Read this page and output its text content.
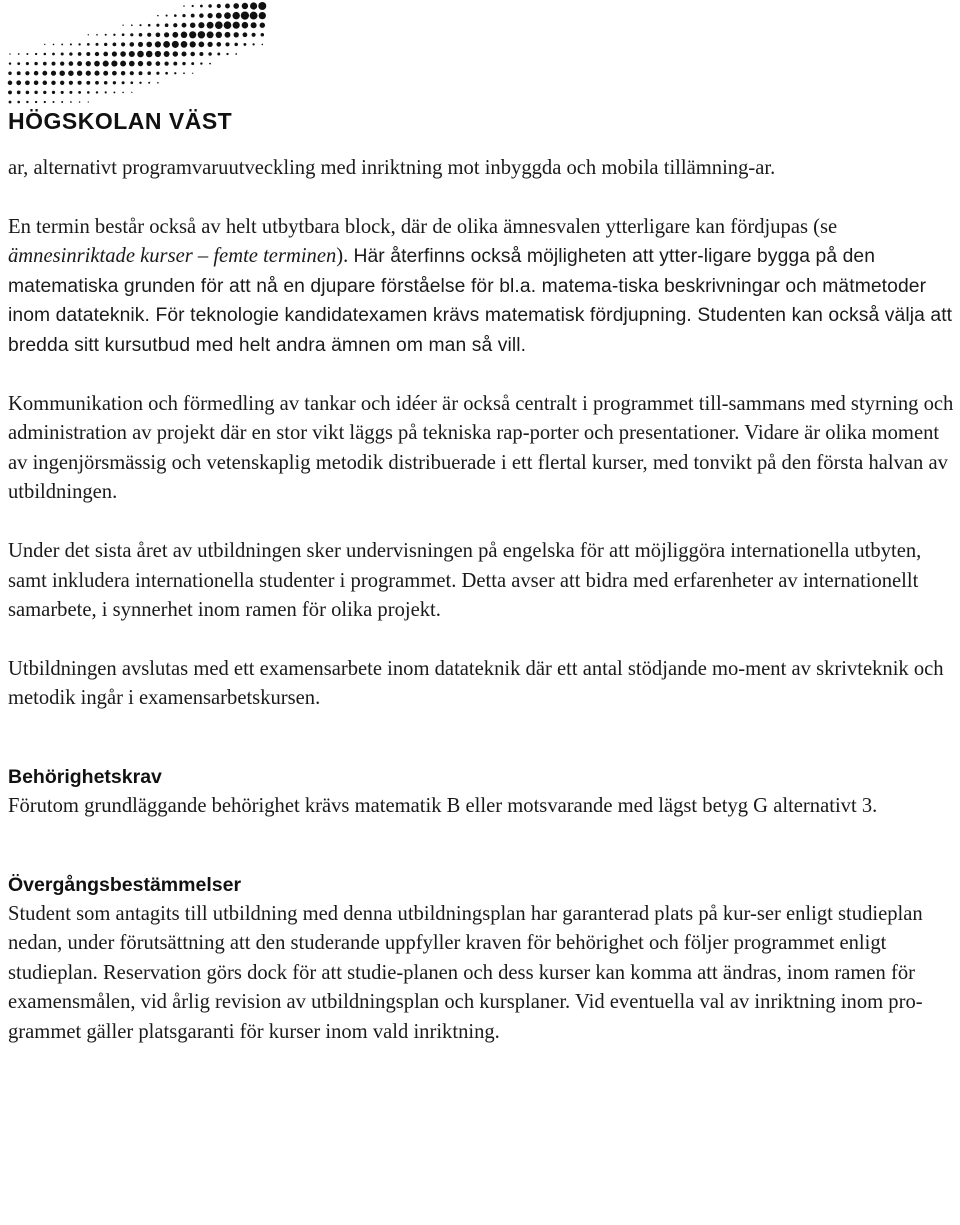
HÖGSKOLAN VÄST

ar, alternativt programvaruutveckling med inriktning mot inbyggda och mobila tillämning-ar.

En termin består också av helt utbytbara block, där de olika ämnesvalen ytterligare kan fördjupas (se ämnesinriktade kurser – femte terminen). Här återfinns också möjligheten att ytter-ligare bygga på den matematiska grunden för att nå en djupare förståelse för bl.a. matema-tiska beskrivningar och mätmetoder inom datateknik. För teknologie kandidatexamen krävs matematisk fördjupning. Studenten kan också välja att bredda sitt kursutbud med helt andra ämnen om man så vill.

Kommunikation och förmedling av tankar och idéer är också centralt i programmet till-sammans med styrning och administration av projekt där en stor vikt läggs på tekniska rap-porter och presentationer. Vidare är olika moment av ingenjörsmässig och vetenskaplig metodik distribuerade i ett flertal kurser, med tonvikt på den första halvan av utbildningen.

Under det sista året av utbildningen sker undervisningen på engelska för att möjliggöra internationella utbyten, samt inkludera internationella studenter i programmet. Detta avser att bidra med erfarenheter av internationellt samarbete, i synnerhet inom ramen för olika projekt.

Utbildningen avslutas med ett examensarbete inom datateknik där ett antal stödjande mo-ment av skrivteknik och metodik ingår i examensarbetskursen.

Behörighetskrav

Förutom grundläggande behörighet krävs matematik B eller motsvarande med lägst betyg G alternativt 3.

Övergångsbestämmelser

Student som antagits till utbildning med denna utbildningsplan har garanterad plats på kur-ser enligt studieplan nedan, under förutsättning att den studerande uppfyller kraven för behörighet och följer programmet enligt studieplan. Reservation görs dock för att studie-planen och dess kurser kan komma att ändras, inom ramen för examensmålen, vid årlig revision av utbildningsplan och kursplaner. Vid eventuella val av inriktning inom pro-grammet gäller platsgaranti för kurser inom vald inriktning.
